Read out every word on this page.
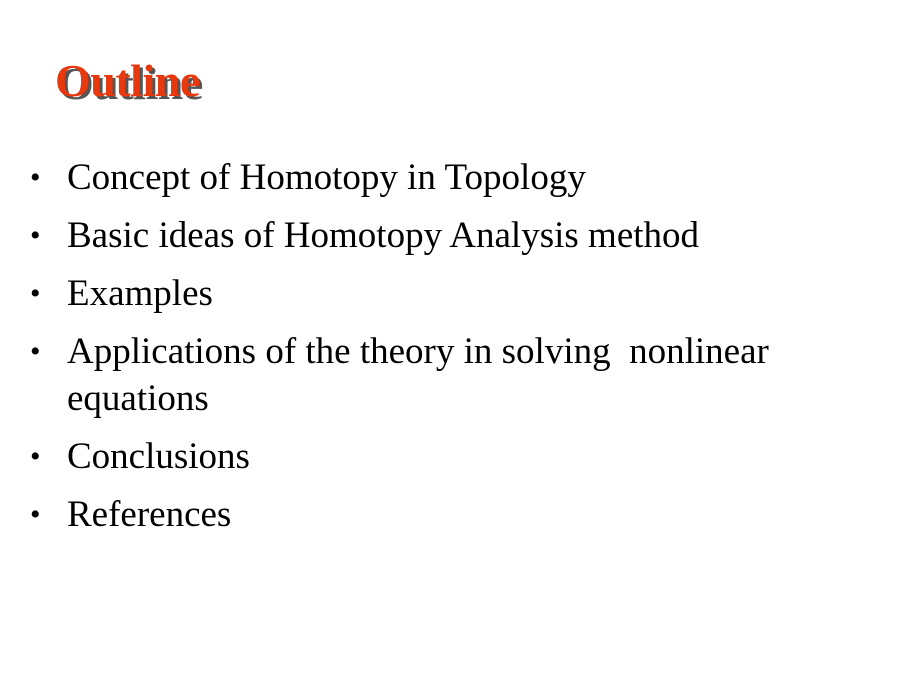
Outline
• Concept of Homotopy in Topology
• Basic ideas of Homotopy Analysis method
• Examples
• Applications of the theory in solving  nonlinear equations
• Conclusions
• References
